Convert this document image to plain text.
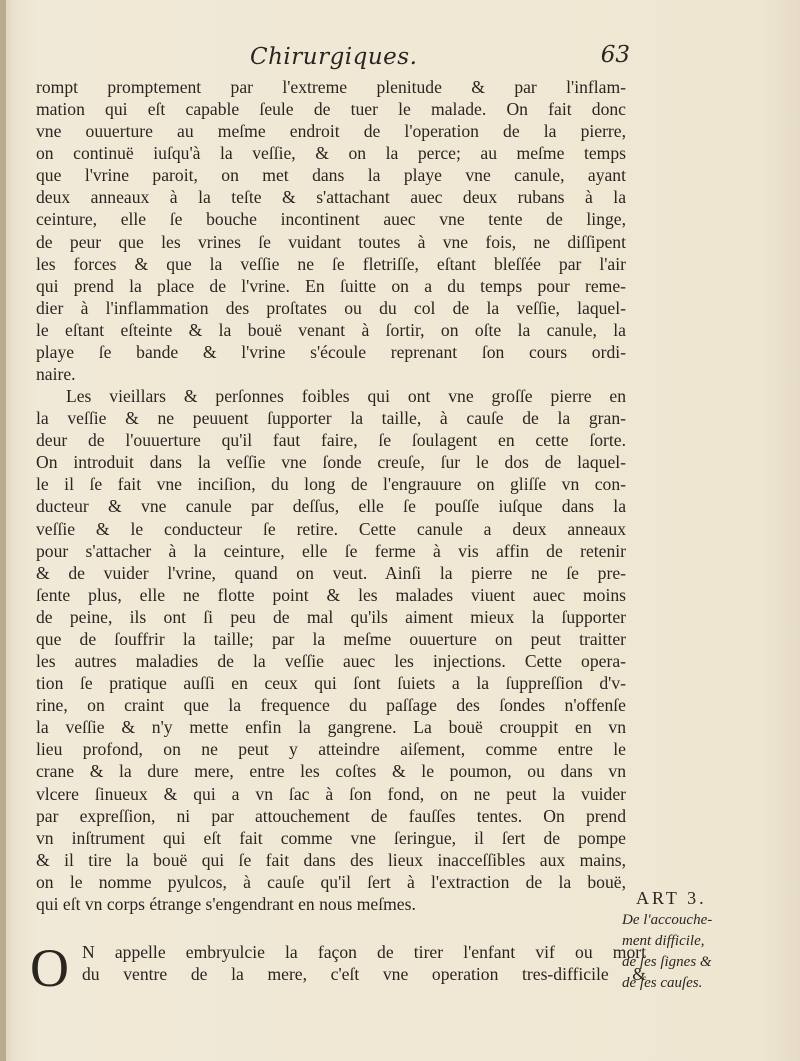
Chirurgiques.	63
rompt promptement par l'extreme plenitude & par l'inflam-
mation qui eſt capable ſeule de tuer le malade. On fait donc
vne ouuerture au meſme endroit de l'operation de la pierre,
on continuë iuſqu'à la veſſie, & on la perce; au meſme temps
que l'vrine paroit, on met dans la playe vne canule, ayant
deux anneaux à la teſte & s'attachant auec deux rubans à la
ceinture, elle ſe bouche incontinent auec vne tente de linge,
de peur que les vrines ſe vuidant toutes à vne fois, ne diſſipent
les forces & que la veſſie ne ſe fletriſſe, eſtant bleſſée par l'air
qui prend la place de l'vrine. En ſuitte on a du temps pour reme-
dier à l'inflammation des proſtates ou du col de la veſſie, laquel-
le eſtant eſteinte & la bouë venant à ſortir, on oſte la canule, la
playe ſe bande & l'vrine s'écoule reprenant ſon cours ordi-
naire.
Les vieillars & perſonnes foibles qui ont vne groſſe pierre en
la veſſie & ne peuuent ſupporter la taille, à cauſe de la gran-
deur de l'ouuerture qu'il faut faire, ſe ſoulagent en cette ſorte.
On introduit dans la veſſie vne ſonde creuſe, ſur le dos de laquel-
le il ſe fait vne inciſion, du long de l'engrauure on gliſſe vn con-
ducteur & vne canule par deſſus, elle ſe pouſſe iuſque dans la
veſſie & le conducteur ſe retire. Cette canule a deux anneaux
pour s'attacher à la ceinture, elle ſe ferme à vis affin de retenir
& de vuider l'vrine, quand on veut. Ainſi la pierre ne ſe pre-
ſente plus, elle ne flotte point & les malades viuent auec moins
de peine, ils ont ſi peu de mal qu'ils aiment mieux la ſupporter
que de ſouffrir la taille; par la meſme ouuerture on peut traitter
les autres maladies de la veſſie auec les injections. Cette opera-
tion ſe pratique auſſi en ceux qui ſont ſuiets a la ſuppreſſion d'v-
rine, on craint que la frequence du paſſage des ſondes n'offenſe
la veſſie & n'y mette enfin la gangrene. La bouë crouppit en vn
lieu profond, on ne peut y atteindre aiſement, comme entre le
crane & la dure mere, entre les coſtes & le poumon, ou dans vn
vlcere ſinueux & qui a vn ſac à ſon fond, on ne peut la vuider
par expreſſion, ni par attouchement de fauſſes tentes. On prend
vn inſtrument qui eſt fait comme vne ſeringue, il ſert de pompe
& il tire la bouë qui ſe fait dans des lieux inacceſſibles aux mains,
on le nomme pyulcos, à cauſe qu'il ſert à l'extraction de la bouë,
qui eſt vn corps étrange s'engendrant en nous meſmes.	ART 3.
De l'accouche-
ment difficile,
de ſes ſignes &
de ſes cauſes.
O N appelle embryulcie la façon de tirer l'enfant vif ou mort
du ventre de la mere, c'eſt vne operation tres-difficile &
